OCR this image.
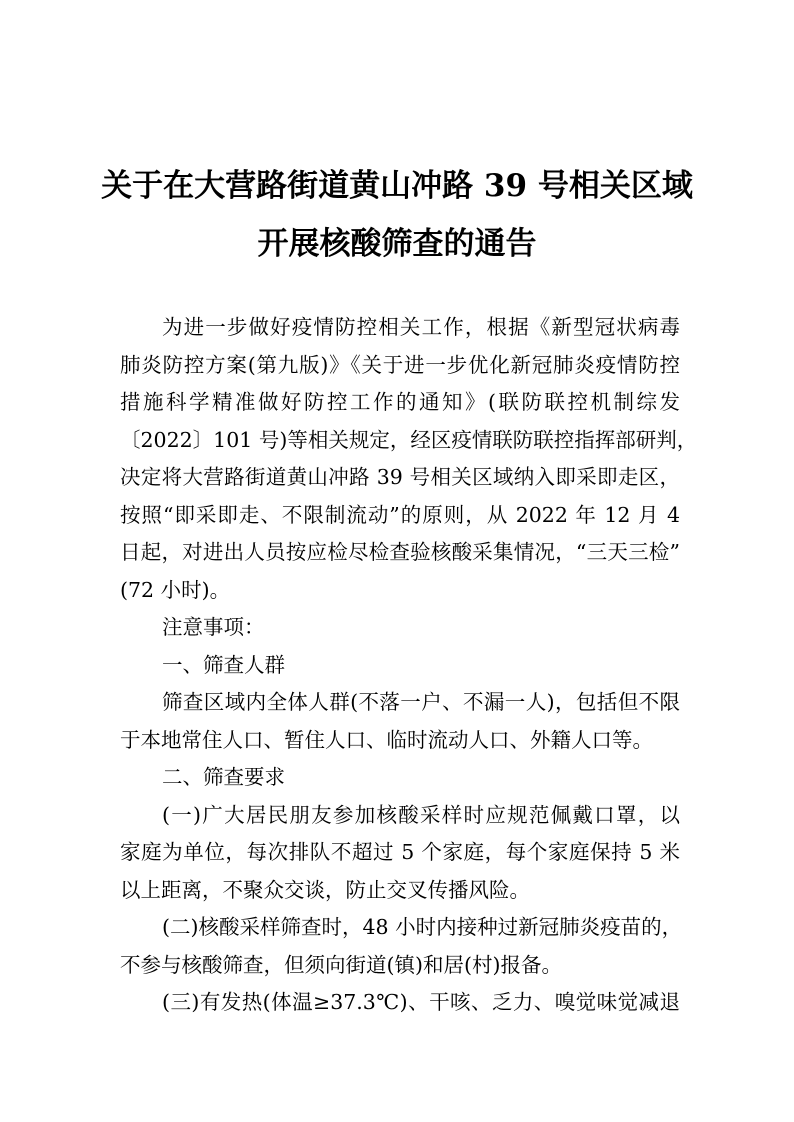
关于在大营路街道黄山冲路 39 号相关区域
开展核酸筛查的通告
为进一步做好疫情防控相关工作，根据《新型冠状病毒
肺炎防控方案(第九版)》《关于进一步优化新冠肺炎疫情防控
措施科学精准做好防控工作的通知》(联防联控机制综发
〔2022〕101 号)等相关规定，经区疫情联防联控指挥部研判，
决定将大营路街道黄山冲路 39 号相关区域纳入即采即走区，
按照“即采即走、不限制流动”的原则，从 2022 年 12 月 4
日起，对进出人员按应检尽检查验核酸采集情况，“三天三检”
(72 小时)。
注意事项：
一、筛查人群
筛查区域内全体人群(不落一户、不漏一人)，包括但不限
于本地常住人口、暂住人口、临时流动人口、外籍人口等。
二、筛查要求
(一)广大居民朋友参加核酸采样时应规范佩戴口罩，以
家庭为单位，每次排队不超过 5 个家庭，每个家庭保持 5 米
以上距离，不聚众交谈，防止交叉传播风险。
(二)核酸采样筛查时，48 小时内接种过新冠肺炎疫苗的，
不参与核酸筛查，但须向街道(镇)和居(村)报备。
(三)有发热(体温≥37.3℃)、干咳、乏力、嗅觉味觉减退
